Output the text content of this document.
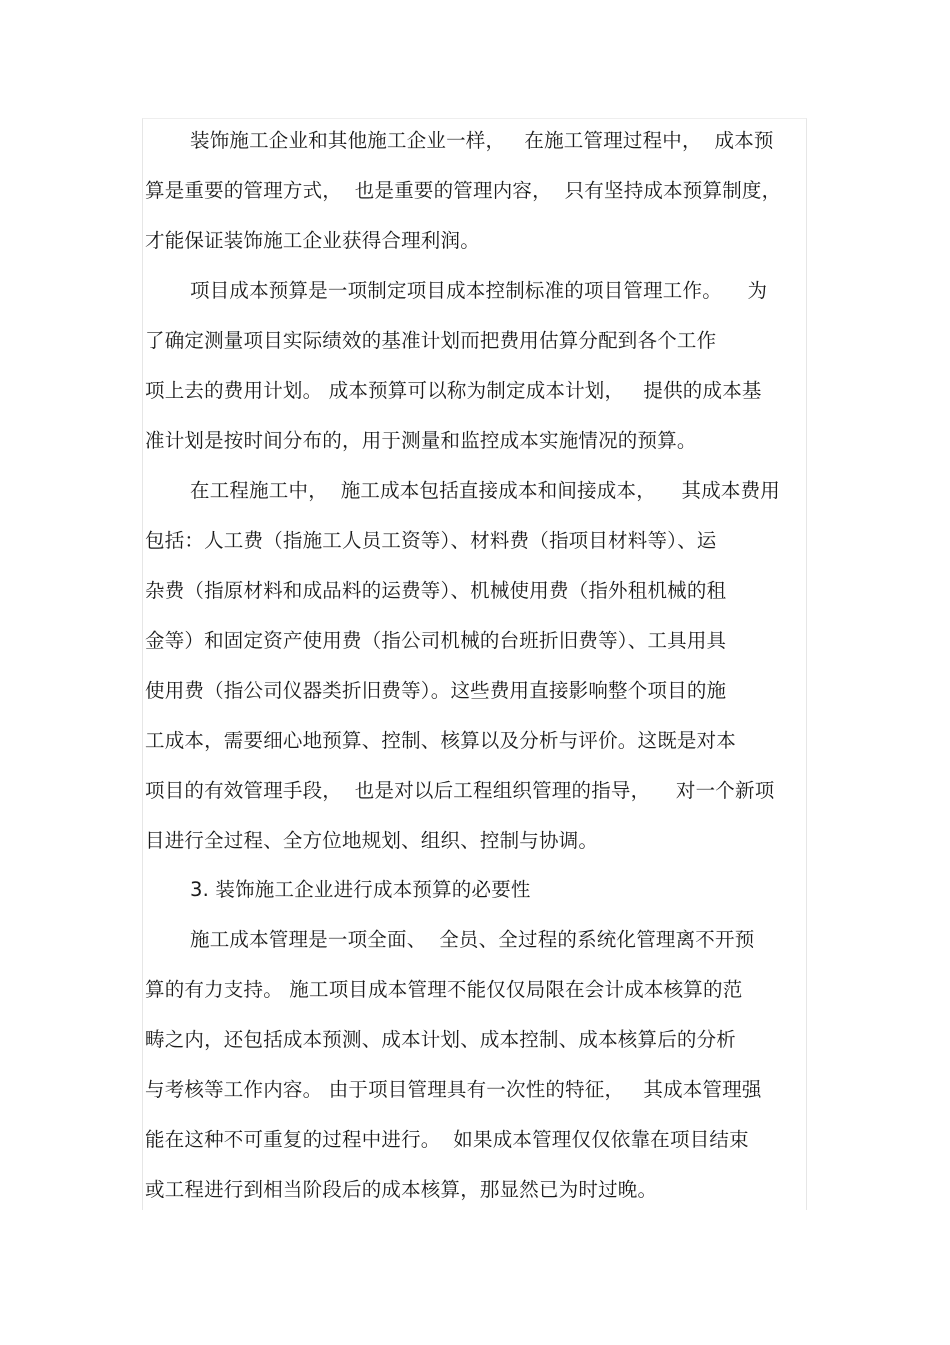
装饰施工企业和其他施工企业一样，   在施工管理过程中，  成本预
算是重要的管理方式，  也是重要的管理内容，  只有坚持成本预算制度，
才能保证装饰施工企业获得合理利润。
项目成本预算是一项制定项目成本控制标准的项目管理工作。    为
了确定测量项目实际绩效的基准计划而把费用估算分配到各个工作
项上去的费用计划。 成本预算可以称为制定成本计划，   提供的成本基
准计划是按时间分布的，用于测量和监控成本实施情况的预算。
在工程施工中，  施工成本包括直接成本和间接成本，    其成本费用
包括：人工费（指施工人员工资等）、材料费（指项目材料等）、运
杂费（指原材料和成品料的运费等）、机械使用费（指外租机械的租
金等）和固定资产使用费（指公司机械的台班折旧费等）、工具用具
使用费（指公司仪器类折旧费等）。这些费用直接影响整个项目的施
工成本，需要细心地预算、控制、核算以及分析与评价。这既是对本
项目的有效管理手段，  也是对以后工程组织管理的指导，    对一个新项
目进行全过程、全方位地规划、组织、控制与协调。
3. 装饰施工企业进行成本预算的必要性
施工成本管理是一项全面、  全员、全过程的系统化管理离不开预
算的有力支持。 施工项目成本管理不能仅仅局限在会计成本核算的范
畴之内，还包括成本预测、成本计划、成本控制、成本核算后的分析
与考核等工作内容。 由于项目管理具有一次性的特征，   其成本管理强
能在这种不可重复的过程中进行。  如果成本管理仅仅依靠在项目结束
或工程进行到相当阶段后的成本核算，那显然已为时过晚。
